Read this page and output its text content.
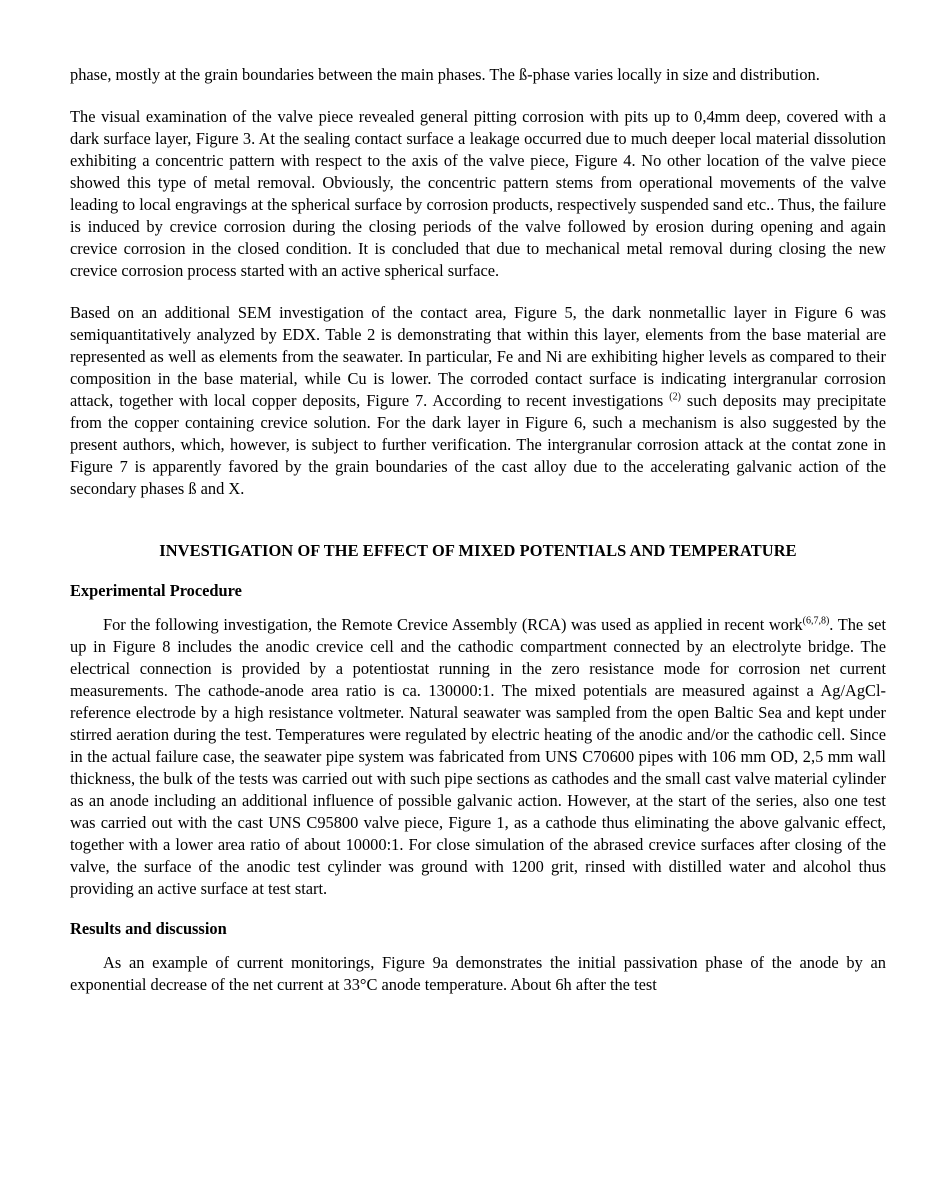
phase, mostly at the grain boundaries between the main phases. The ß-phase varies locally in size and distribution.

The visual examination of the valve piece revealed general pitting corrosion with pits up to 0,4mm deep, covered with a dark surface layer, Figure 3. At the sealing contact surface a leakage occurred due to much deeper local material dissolution exhibiting a concentric pattern with respect to the axis of the valve piece, Figure 4. No other location of the valve piece showed this type of metal removal. Obviously, the concentric pattern stems from operational movements of the valve leading to local engravings at the spherical surface by corrosion products, respectively suspended sand etc.. Thus, the failure is induced by crevice corrosion during the closing periods of the valve followed by erosion during opening and again crevice corrosion in the closed condition. It is concluded that due to mechanical metal removal during closing the new crevice corrosion process started with an active spherical surface.

Based on an additional SEM investigation of the contact area, Figure 5, the dark nonmetallic layer in Figure 6 was semiquantitatively analyzed by EDX. Table 2 is demonstrating that within this layer, elements from the base material are represented as well as elements from the seawater. In particular, Fe and Ni are exhibiting higher levels as compared to their composition in the base material, while Cu is lower. The corroded contact surface is indicating intergranular corrosion attack, together with local copper deposits, Figure 7. According to recent investigations $^{(2)}$ such deposits may precipitate from the copper containing crevice solution. For the dark layer in Figure 6, such a mechanism is also suggested by the present authors, which, however, is subject to further verification. The intergranular corrosion attack at the contat zone in Figure 7 is apparently favored by the grain boundaries of the cast alloy due to the accelerating galvanic action of the secondary phases ß and X.

INVESTIGATION OF THE EFFECT OF MIXED POTENTIALS AND TEMPERATURE
Experimental Procedure

For the following investigation, the Remote Crevice Assembly (RCA) was used as applied in recent work$^{(6,7,8)}$. The set up in Figure 8 includes the anodic crevice cell and the cathodic compartment connected by an electrolyte bridge. The electrical connection is provided by a potentiostat running in the zero resistance mode for corrosion net current measurements. The cathode-anode area ratio is ca. 130000:1. The mixed potentials are measured against a Ag/AgCl-reference electrode by a high resistance voltmeter. Natural seawater was sampled from the open Baltic Sea and kept under stirred aeration during the test. Temperatures were regulated by electric heating of the anodic and/or the cathodic cell. Since in the actual failure case, the seawater pipe system was fabricated from UNS C70600 pipes with 106 mm OD, 2,5 mm wall thickness, the bulk of the tests was carried out with such pipe sections as cathodes and the small cast valve material cylinder as an anode including an additional influence of possible galvanic action. However, at the start of the series, also one test was carried out with the cast UNS C95800 valve piece, Figure 1, as a cathode thus eliminating the above galvanic effect, together with a lower area ratio of about 10000:1. For close simulation of the abrased crevice surfaces after closing of the valve, the surface of the anodic test cylinder was ground with 1200 grit, rinsed with distilled water and alcohol thus providing an active surface at test start.

Results and discussion

As an example of current monitorings, Figure 9a demonstrates the initial passivation phase of the anode by an exponential decrease of the net current at 33°C anode temperature. About 6h after the test
